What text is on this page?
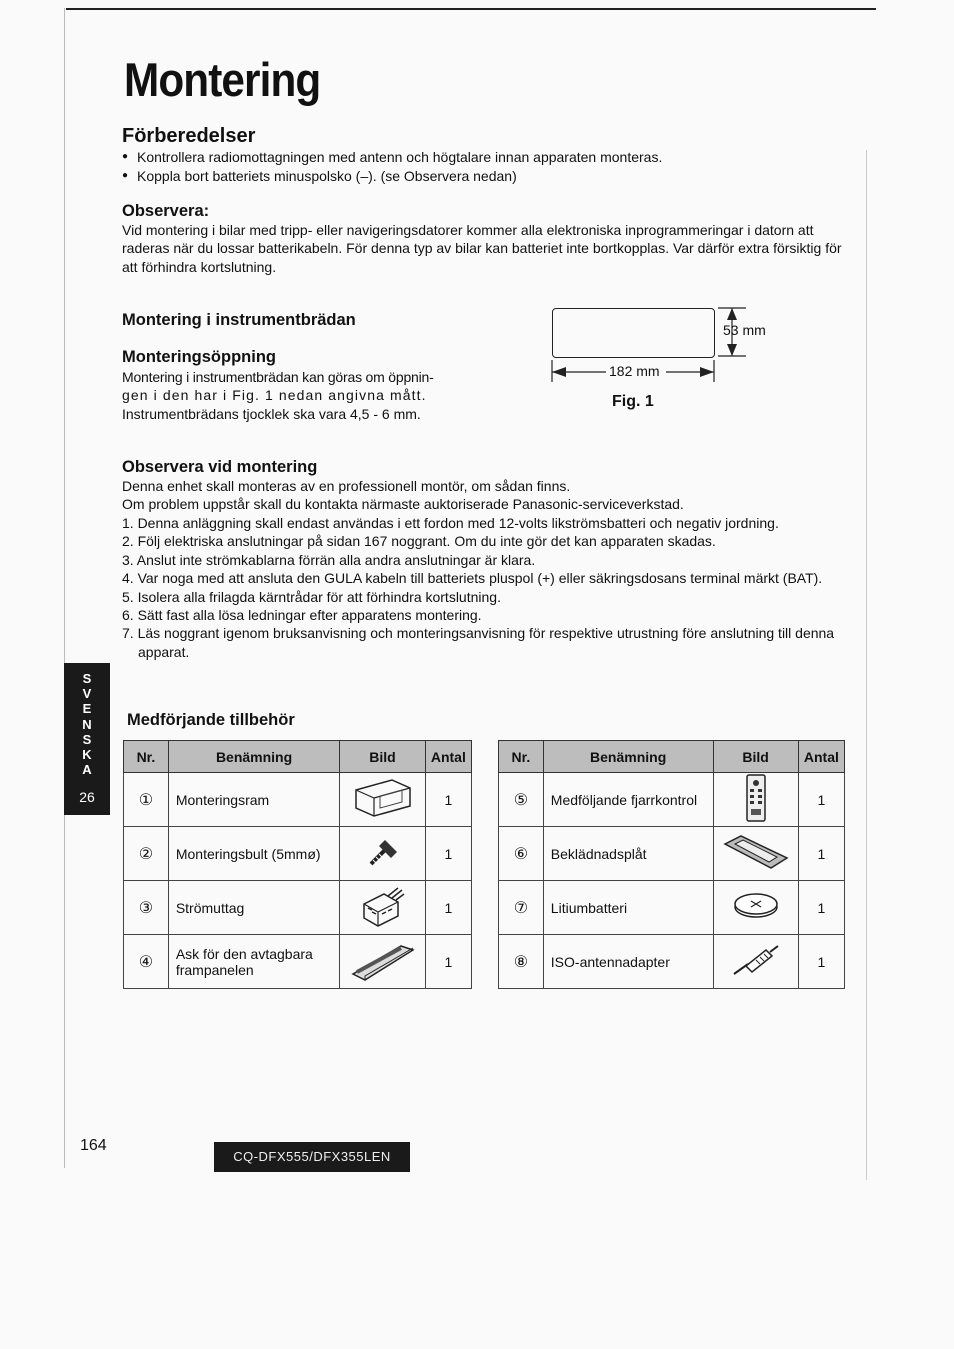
Montering
Förberedelser
● Kontrollera radiomottagningen med antenn och högtalare innan apparaten monteras.
● Koppla bort batteriets minuspolsko (–). (se Observera nedan)
Observera:

Vid montering i bilar med tripp- eller navigeringsdatorer kommer alla elektroniska inprogrammeringar i datorn att raderas när du lossar batterikabeln. För denna typ av bilar kan batteriet inte bortkopplas. Var därför extra försiktig för att förhindra kortslutning.

Montering i instrumentbrädan
Monteringsöppning
Montering i instrumentbrädan kan göras om öppnin-
gen i den har i Fig. 1 nedan angivna mått.
Instrumentbrädans tjocklek ska vara 4,5 - 6 mm.
53 mm
182 mm
Fig. 1
Observera vid montering
Denna enhet skall monteras av en professionell montör, om sådan finns.
Om problem uppstår skall du kontakta närmaste auktoriserade Panasonic-serviceverkstad.
1. Denna anläggning skall endast användas i ett fordon med 12-volts likströmsbatteri och negativ jordning.
2. Följ elektriska anslutningar på sidan 167 noggrant. Om du inte gör det kan apparaten skadas.
3. Anslut inte strömkablarna förrän alla andra anslutningar är klara.
4. Var noga med att ansluta den GULA kabeln till batteriets pluspol (+) eller säkringsdosans terminal märkt (BAT).
5. Isolera alla frilagda kärntrådar för att förhindra kortslutning.
6. Sätt fast alla lösa ledningar efter apparatens montering.
7. Läs noggrant igenom bruksanvisning och monteringsanvisning för respektive utrustning före anslutning till denna apparat.
S
V
E
N
S
K
A
26
Medförjande tillbehör
Nr.	Benämning	Bild	Antal
①	Monteringsram		1
②	Monteringsbult (5mmø)		1
③	Strömuttag		1
④	Ask för den avtagbara frampanelen		1
Nr.	Benämning	Bild	Antal
⑤	Medföljande fjarrkontrol		1
⑥	Beklädnadsplåt		1
⑦	Litiumbatteri		1
⑧	ISO-antennadapter		1
164
CQ-DFX555/DFX355LEN
